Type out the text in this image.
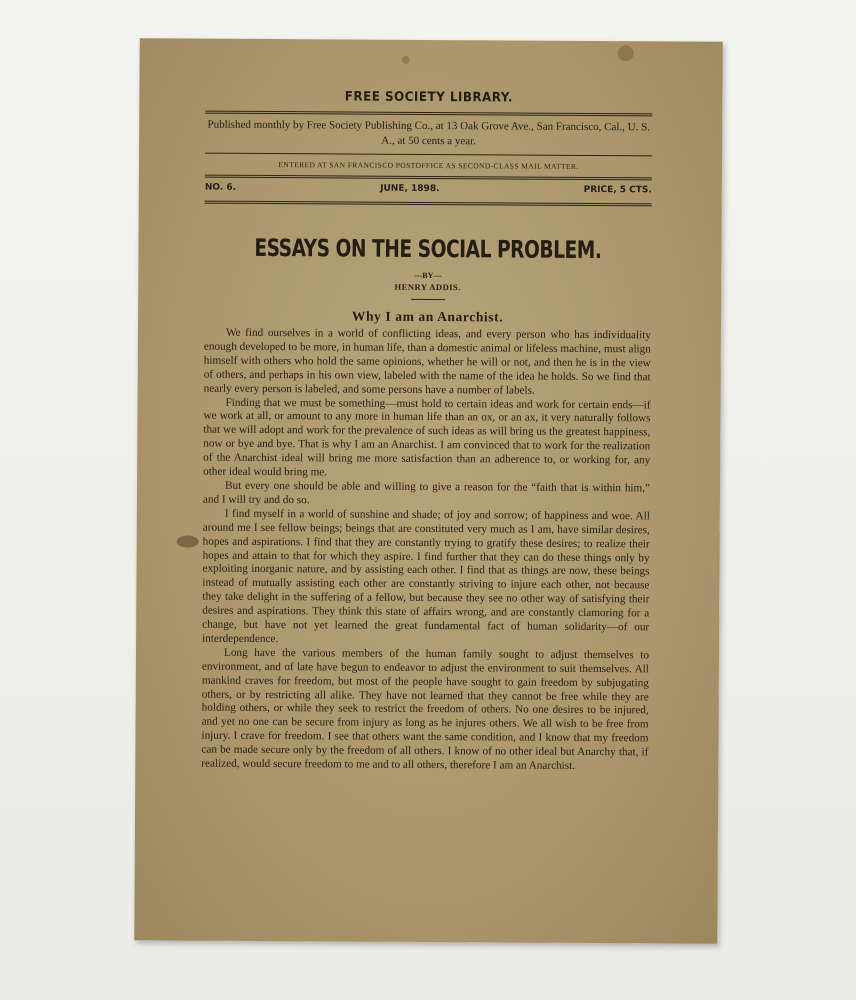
FREE SOCIETY LIBRARY.
Published monthly by Free Society Publishing Co., at 13 Oak Grove Ave., San Francisco, Cal., U. S. A., at 50 cents a year.
ENTERED AT SAN FRANCISCO POSTOFFICE AS SECOND-CLASS MAIL MATTER.
NO. 6.	JUNE, 1898.	PRICE, 5 CTS.
ESSAYS ON THE SOCIAL PROBLEM.
—BY—
HENRY ADDIS.
Why I am an Anarchist.

We find ourselves in a world of conflicting ideas, and every person who has individuality enough developed to be more, in human life, than a domestic animal or lifeless machine, must align himself with others who hold the same opinions, whether he will or not, and then he is in the view of others, and perhaps in his own view, labeled with the name of the idea he holds. So we find that nearly every person is labeled, and some persons have a number of labels.

Finding that we must be something—must hold to certain ideas and work for certain ends—if we work at all, or amount to any more in human life than an ox, or an ax, it very naturally follows that we will adopt and work for the prevalence of such ideas as will bring us the greatest happiness, now or bye and bye. That is why I am an Anarchist. I am convinced that to work for the realization of the Anarchist ideal will bring me more satisfaction than an adherence to, or working for, any other ideal would bring me.

But every one should be able and willing to give a reason for the “faith that is within him,” and I will try and do so.

I find myself in a world of sunshine and shade; of joy and sorrow; of happiness and woe. All around me I see fellow beings; beings that are constituted very much as I am, have similar desires, hopes and aspirations. I find that they are constantly trying to gratify these desires; to realize their hopes and attain to that for which they aspire. I find further that they can do these things only by exploiting inorganic nature, and by assisting each other. I find that as things are now, these beings instead of mutually assisting each other are constantly striving to injure each other, not because they take delight in the suffering of a fellow, but because they see no other way of satisfying their desires and aspirations. They think this state of affairs wrong, and are constantly clamoring for a change, but have not yet learned the great fundamental fact of human solidarity—of our interdependence.

Long have the various members of the human family sought to adjust themselves to environment, and of late have begun to endeavor to adjust the environment to suit themselves. All mankind craves for freedom, but most of the people have sought to gain freedom by subjugating others, or by restricting all alike. They have not learned that they cannot be free while they are holding others, or while they seek to restrict the freedom of others. No one desires to be injured, and yet no one can be secure from injury as long as he injures others. We all wish to be free from injury. I crave for freedom. I see that others want the same condition, and I know that my freedom can be made secure only by the freedom of all others. I know of no other ideal but Anarchy that, if realized, would secure freedom to me and to all others, therefore I am an Anarchist.
